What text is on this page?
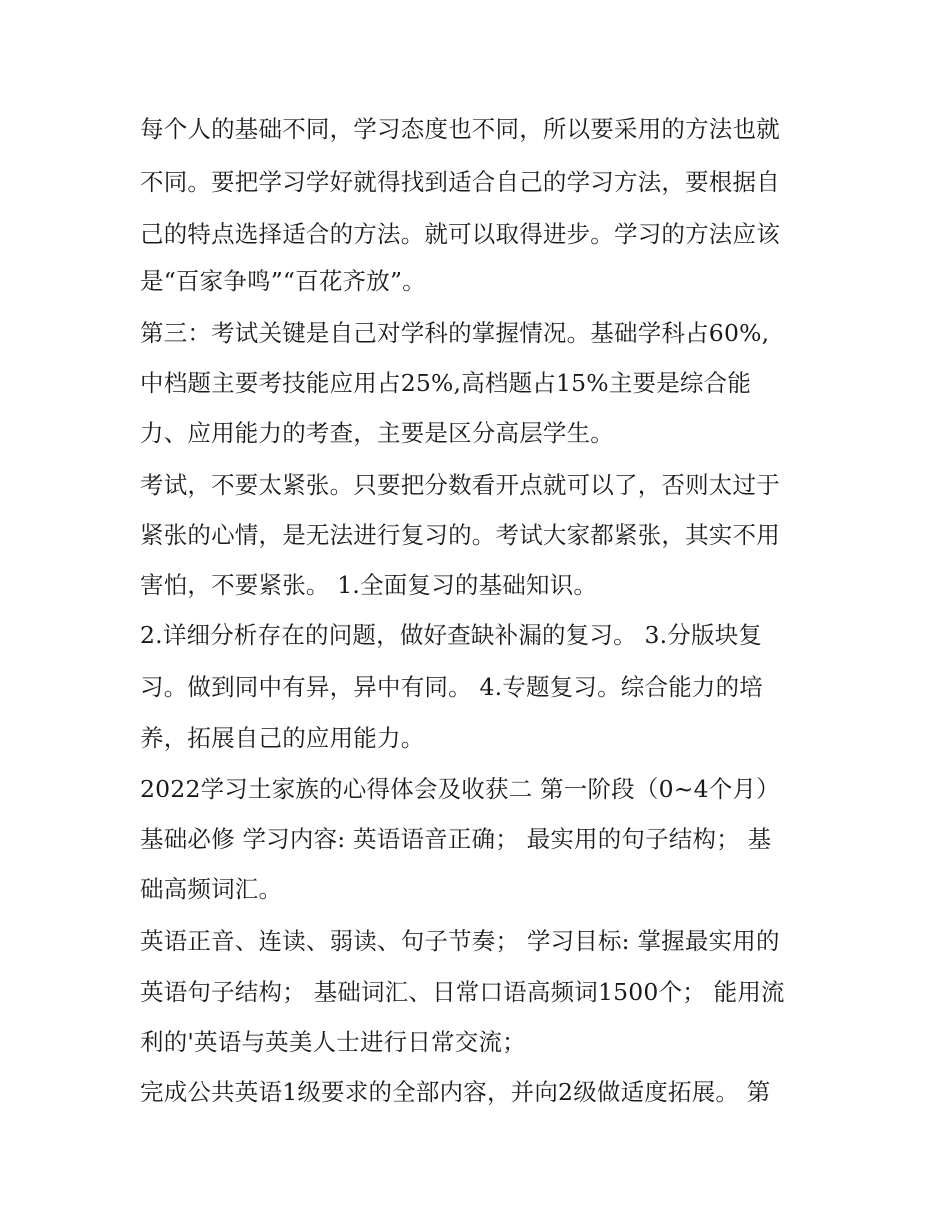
每个人的基础不同，学习态度也不同，所以要采用的方法也就
不同。要把学习学好就得找到适合自己的学习方法，要根据自
己的特点选择适合的方法。就可以取得进步。学习的方法应该
是“百家争鸣”“百花齐放”。
第三：考试关键是自己对学科的掌握情况。基础学科占60%,
中档题主要考技能应用占25%,高档题占15%主要是综合能
力、应用能力的考查，主要是区分高层学生。
考试，不要太紧张。只要把分数看开点就可以了，否则太过于
紧张的心情，是无法进行复习的。考试大家都紧张，其实不用
害怕，不要紧张。 1.全面复习的基础知识。
2.详细分析存在的问题，做好查缺补漏的复习。 3.分版块复
习。做到同中有异，异中有同。 4.专题复习。综合能力的培
养，拓展自己的应用能力。
2022学习土家族的心得体会及收获二 第一阶段（0~4个月）
基础必修 学习内容: 英语语音正确； 最实用的句子结构； 基
础高频词汇。
英语正音、连读、弱读、句子节奏； 学习目标: 掌握最实用的
英语句子结构； 基础词汇、日常口语高频词1500个； 能用流
利的'英语与英美人士进行日常交流；
完成公共英语1级要求的全部内容，并向2级做适度拓展。 第
